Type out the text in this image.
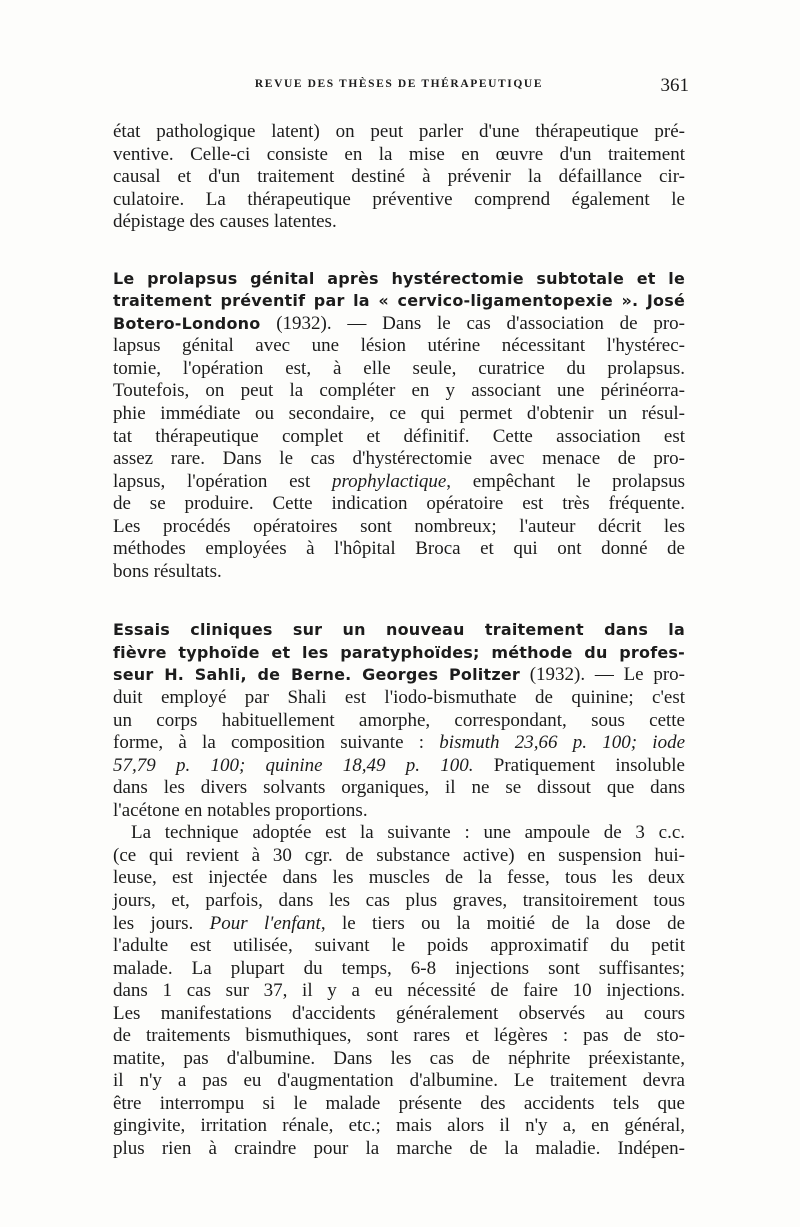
REVUE DES THÈSES DE THÉRAPEUTIQUE	361
état pathologique latent) on peut parler d'une thérapeutique pré-
ventive. Celle-ci consiste en la mise en œuvre d'un traitement
causal et d'un traitement destiné à prévenir la défaillance cir-
culatoire. La thérapeutique préventive comprend également le
dépistage des causes latentes.
Le prolapsus génital après hystérectomie subtotale et le
traitement préventif par la « cervico-ligamentopexie ». José
Botero-Londono (1932). — Dans le cas d'association de pro-
lapsus génital avec une lésion utérine nécessitant l'hystérec-
tomie, l'opération est, à elle seule, curatrice du prolapsus.
Toutefois, on peut la compléter en y associant une périnéorra-
phie immédiate ou secondaire, ce qui permet d'obtenir un résul-
tat thérapeutique complet et définitif. Cette association est
assez rare. Dans le cas d'hystérectomie avec menace de pro-
lapsus, l'opération est prophylactique, empêchant le prolapsus
de se produire. Cette indication opératoire est très fréquente.
Les procédés opératoires sont nombreux; l'auteur décrit les
méthodes employées à l'hôpital Broca et qui ont donné de
bons résultats.
Essais cliniques sur un nouveau traitement dans la
fièvre typhoïde et les paratyphoïdes; méthode du profes-
seur H. Sahli, de Berne. Georges Politzer (1932). — Le pro-
duit employé par Shali est l'iodo-bismuthate de quinine; c'est
un corps habituellement amorphe, correspondant, sous cette
forme, à la composition suivante : bismuth 23,66 p. 100; iode
57,79 p. 100; quinine 18,49 p. 100. Pratiquement insoluble
dans les divers solvants organiques, il ne se dissout que dans
l'acétone en notables proportions.
La technique adoptée est la suivante : une ampoule de 3 c.c.
(ce qui revient à 30 cgr. de substance active) en suspension hui-
leuse, est injectée dans les muscles de la fesse, tous les deux
jours, et, parfois, dans les cas plus graves, transitoirement tous
les jours. Pour l'enfant, le tiers ou la moitié de la dose de
l'adulte est utilisée, suivant le poids approximatif du petit
malade. La plupart du temps, 6-8 injections sont suffisantes;
dans 1 cas sur 37, il y a eu nécessité de faire 10 injections.
Les manifestations d'accidents généralement observés au cours
de traitements bismuthiques, sont rares et légères : pas de sto-
matite, pas d'albumine. Dans les cas de néphrite préexistante,
il n'y a pas eu d'augmentation d'albumine. Le traitement devra
être interrompu si le malade présente des accidents tels que
gingivite, irritation rénale, etc.; mais alors il n'y a, en général,
plus rien à craindre pour la marche de la maladie. Indépen-
